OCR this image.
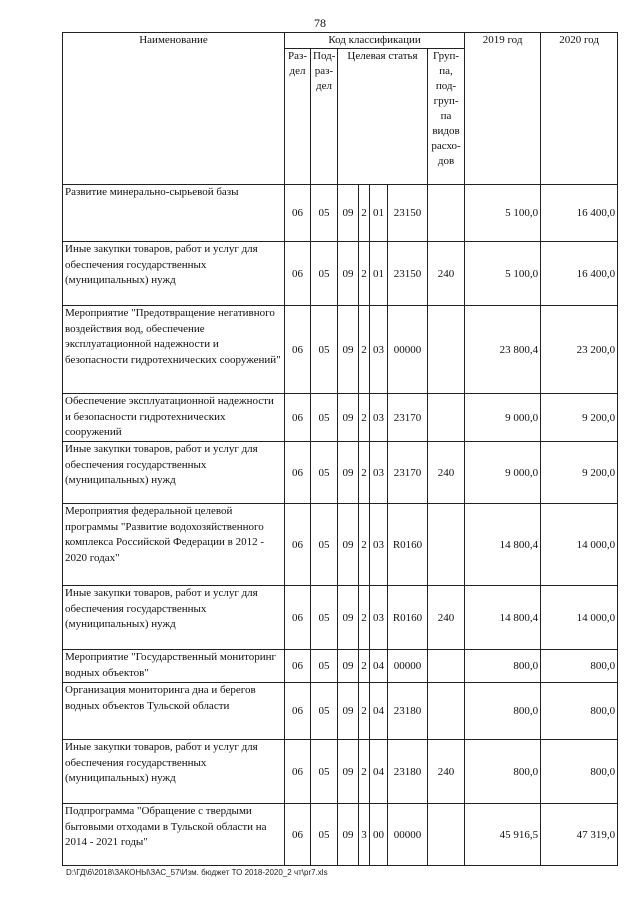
78
Наименование	Код классификации							2019 год	2020 год
	Раз-дел	Под-раз-дел	Целевая статья				Груп-па, под-груп-па видов расхо-дов		
Развитие минерально-сырьевой базы	06	05	09	2	01	23150		5 100,0	16 400,0
Иные закупки товаров, работ и услуг для обеспечения государственных (муниципальных) нужд	06	05	09	2	01	23150	240	5 100,0	16 400,0
Мероприятие "Предотвращение негативного воздействия вод, обеспечение эксплуатационной надежности и безопасности гидротехнических сооружений"	06	05	09	2	03	00000		23 800,4	23 200,0
Обеспечение эксплуатационной надежности и безопасности гидротехнических сооружений	06	05	09	2	03	23170		9 000,0	9 200,0
Иные закупки товаров, работ и услуг для обеспечения государственных (муниципальных) нужд	06	05	09	2	03	23170	240	9 000,0	9 200,0
Мероприятия федеральной целевой программы "Развитие водохозяйственного комплекса Российской Федерации в 2012 - 2020 годах"	06	05	09	2	03	R0160		14 800,4	14 000,0
Иные закупки товаров, работ и услуг для обеспечения государственных (муниципальных) нужд	06	05	09	2	03	R0160	240	14 800,4	14 000,0
Мероприятие "Государственный мониторинг водных объектов"	06	05	09	2	04	00000		800,0	800,0
Организация мониторинга дна и берегов водных объектов Тульской области	06	05	09	2	04	23180		800,0	800,0
Иные закупки товаров, работ и услуг для обеспечения государственных (муниципальных) нужд	06	05	09	2	04	23180	240	800,0	800,0
Подпрограмма "Обращение с твердыми бытовыми отходами в Тульской области на 2014 - 2021 годы"	06	05	09	3	00	00000		45 916,5	47 319,0
D:\ГД\6\2018\ЗАКОНЫ\ЗАС_57\Изм. бюджет ТО 2018-2020_2 чт\pr7.xls
